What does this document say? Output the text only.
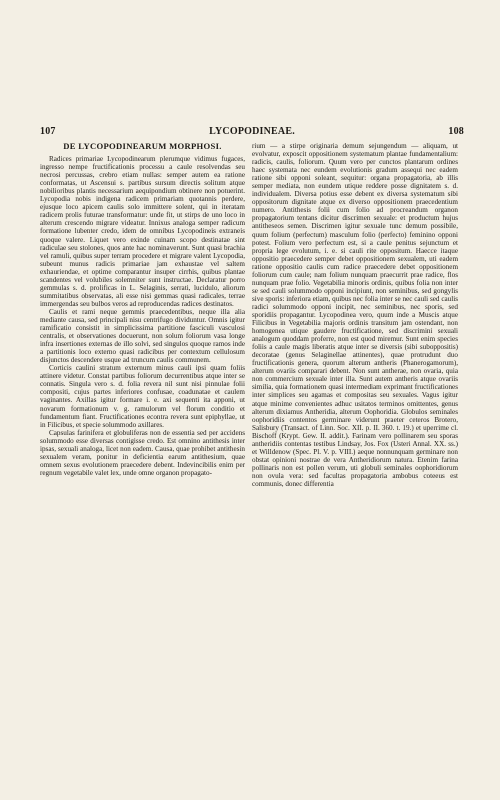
107	LYCOPODINEAE.	108
DE LYCOPODINEARUM MORPHOSI.

Radices primariae Lycopodinearum plerumque vidimus fugaces, ingresso nempe fructificationis processu a caule resolvendas seu necrosi percussas, crebro etiam nullas: semper autem ea ratione conformatas, ut Ascensui s. partibus sursum directis solitum atque nobilioribus plantis necessarium aequipondium obtinere non potuerint. Lycopodia nobis indigena radicem primariam quotannis perdere, ejusque loco apicem caulis solo immittere solent, qui in iteratam radicem prolis futurae transformatur: unde fit, ut stirps de uno loco in alterum crescendo migrare videatur. Innixus analoga semper radicum formatione lubenter credo, idem de omnibus Lycopodineis extraneis quoque valere. Liquet vero exinde cuinam scopo destinatae sint radiculae seu stolones, quos ante hac nominaverunt. Sunt quasi brachia vel ramuli, quibus super terram procedere et migrare valent Lycopodia, subeunt munus radicis primariae jam exhaustae vel saltem exhauriendae, et optime comparantur insuper cirrhis, quibus plantae scandentes vel volubiles solemniter sunt instructae. Declaratur porro gemmulas s. d. prolificas in L. Selaginis, serrati, lucidulo, aliorum summitatibus observatas, ali esse nisi gemmas quasi radicales, terrae immergendas seu bulbos veros ad reproducendas radices destinatos.

Caulis et rami neque gemmis praecedentibus, neque illa alia mediante causa, sed principali nisu centrifugo dividuntur. Omnis igitur ramificatio consistit in simplicissima partitione fasciculi vasculosi centralis, et observationes docuerunt, non solum foliorum vasa longe infra insertiones externas de illo solvi, sed singulos quoque ramos inde a partitionis loco externo quasi radicibus per contextum cellulosum disjunctos descendere usque ad truncum caulis communem.

Corticis caulini stratum externum minus cauli ipsi quam foliis attinere videtur. Constat partibus foliorum decurrentibus atque inter se connatis. Singula vero s. d. folia revera nil sunt nisi pinnulae folii compositi, cujus partes inferiores confusae, coadunatae et caulem vaginantes. Axillas igitur formare i. e. axi sequenti ita apponi, ut novarum formationum v. g. ramulorum vel florum conditio et fundamentum fiant. Fructificationes econtra revera sunt epiphyllae, ut in Filicibus, et specie solummodo axillares.

Capsulas farinifera et globuliferas non de essentia sed per accidens solummodo esse diversas contigisse credo. Est omnino antithesis inter ipsas, sexuali analoga, licet non eadem. Causa, quae prohibet antithesin sexualem veram, ponitur in deficientia earum antithesium, quae omnem sexus evolutionem praecedere debent. Indevincibilis enim per regnum vegetabile valet lex, unde omne organon propagato-

rium — a stirpe originaria demum sejungendum — aliquam, ut evolvatur, exposcit oppositionem systematum plantae fundamentalium: radicis, caulis, foliorum. Quum vero per cunctos plantarum ordines haec systemata nec eundem evolutionis gradum assequi nec eadem ratione sibi opponi soleant, sequitur: organa propagatoria, ab illis semper mediata, non eundem utique reddere posse dignitatem s. d. individualem. Diversa potius esse debent ex diversa systematum sibi oppositorum dignitate atque ex diverso oppositionem praecedentium numero. Antithesis folii cum folio ad procreandum organon propagatorium tentans dicitur discrimen sexuale: et productum hujus antitheseos semen. Discrimen igitur sexuale tunc demum possibile, quum folium (perfectum) masculum folio (perfecto) feminino opponi potest. Folium vero perfectum est, si a caule penitus sejunctum et propria lege evolutum, i. e. si cauli rite oppositum. Haecce itaque oppositio praecedere semper debet oppositionem sexualem, uti eadem ratione oppositio caulis cum radice praecedere debet oppositionem foliorum cum caule; nam folium nunquam praecurrit prae radice, flos nunquam prae folio. Vegetabilia minoris ordinis, quibus folia non inter se sed cauli solummodo opponi incipiunt, non seminibus, sed gongylis sive sporis: inferiora etiam, quibus nec folia inter se nec cauli sed caulis radici solummodo opponi incipit, nec seminibus, nec sporis, sed sporidiis propagantur. Lycopodinea vero, quum inde a Muscis atque Filicibus in Vegetabilia majoris ordinis transitum jam ostendant, non homogenea utique gaudere fructificatione, sed discrimini sexuali analogum quoddam proferre, non est quod miremur. Sunt enim species foliis a caule magis liberatis atque inter se diversis (sibi suboppositis) decoratae (genus Selaginellae attinentes), quae protrudunt duo fructificationis genera, quorum alterum antheris (Phanerogamorum), alterum ovariis comparari debent. Non sunt antherae, non ovaria, quia non commercium sexuale inter illa. Sunt autem antheris atque ovariis similia, quia formationem quasi intermediam exprimant fructificationes inter simplices seu agamas et compositas seu sexuales. Vagus igitur atque minime convenientes adhuc usitatos terminos omittentes, genus alterum dixiamus Antheridia, alterum Oophoridia. Globulos seminales oophoridiis contentos germinare viderunt praeter ceteros Brotero, Salisbury (Transact. of Linn. Soc. XII. p. II. 360. t. 19.) et uperrime cl. Bischoff (Krypt. Gew. II. addit.). Farinam vero pollinarem seu sporas antheridiis contentas testibus Lindsay, Jos. Fox (Usteri Annal. XX. ss.) et Willdenow (Spec. Pl. V. p. VIII.) aeque nonnunquam germinare non obstat opinioni nostrae de vera Antheridiorum natura. Etenim farina pollinaris non est pollen verum, uti globuli seminales oophoridiorum non ovula vera: sed facultas propagatoria ambobus coteeus est communis, donec differentia
